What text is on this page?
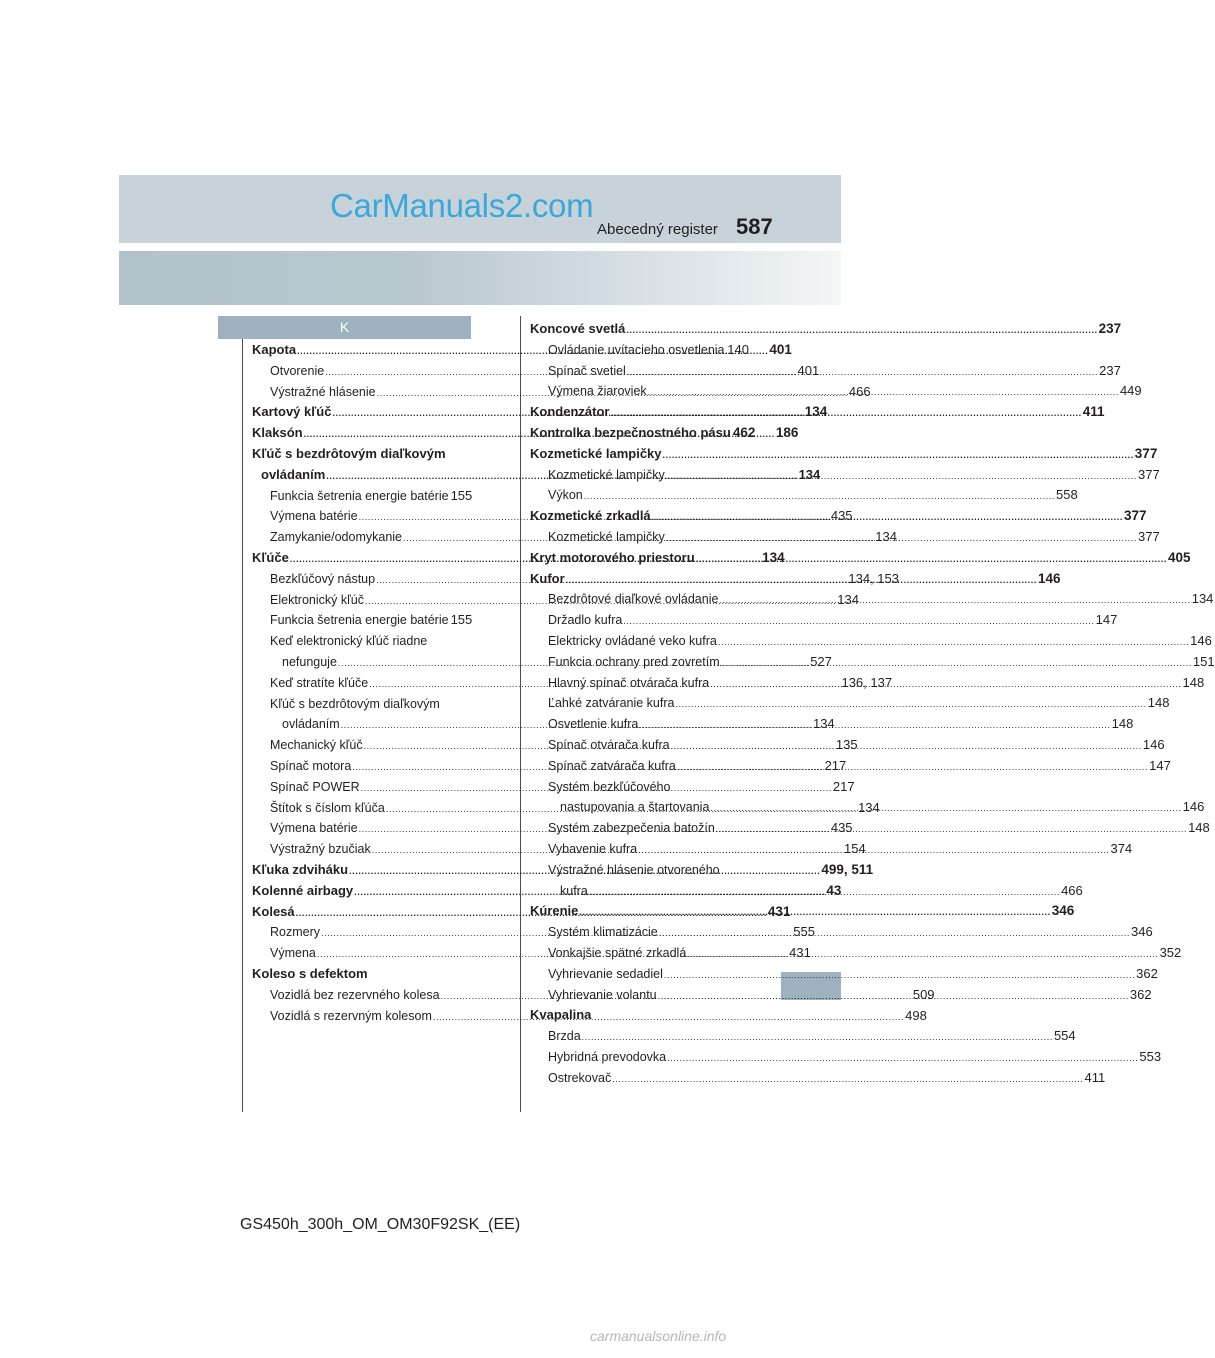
CarManuals2.com
Abecedný register 587
K
Kapota .....	401
Otvorenie .....	401
Výstražné hlásenie .....	466
Kartový kľúč .....	134
Klaksón .....	186
Kľúč s bezdrôtovým diaľkovým
ovládaním .....	134
Funkcia šetrenia energie batérie 155
Výmena batérie .....	435
Zamykanie/odomykanie .....	134
Kľúče .....	134
Bezkľúčový nástup .....	134, 153
Elektronický kľúč .....	134
Funkcia šetrenia energie batérie 155
Keď elektronický kľúč riadne
nefunguje .....	527
Keď stratíte kľúče .....	136, 137
Kľúč s bezdrôtovým diaľkovým
ovládaním .....	134
Mechanický kľúč .....	135
Spínač motora .....	217
Spínač POWER .....	217
Štítok s číslom kľúča .....	134
Výmena batérie .....	435
Výstražný bzučiak .....	154
Kľuka zdviháku .....	499, 511
Kolenné airbagy .....	43
Kolesá .....	431
Rozmery .....	555
Výmena .....	431
Koleso s defektom
Vozidlá bez rezervného kolesa .....	509
Vozidlá s rezervným kolesom .....	498
Koncové svetlá .....	237
Ovládanie uvítacieho osvetlenia ..... 140
Spínač svetiel .....	237
Výmena žiaroviek .....	449
Kondenzátor .....	411
Kontrolka bezpečnostného pásu 462
Kozmetické lampičky .....	377
Kozmetické lampičky .....	377
Výkon .....	558
Kozmetické zrkadlá .....	377
Kozmetické lampičky .....	377
Kryt motorového priestoru .....	405
Kufor .....	146
Bezdrôtové diaľkové ovládanie .....	134
Držadlo kufra .....	147
Elektricky ovládané veko kufra .....	146
Funkcia ochrany pred zovretím .....	151
Hlavný spínač otvárača kufra .....	148
Ľahké zatváranie kufra .....	148
Osvetlenie kufra .....	148
Spínač otvárača kufra .....	146
Spínač zatvárača kufra .....	147
Systém bezkľúčového
nastupovania a štartovania .....	146
Systém zabezpečenia batožín .....	148
Vybavenie kufra .....	374
Výstražné hlásenie otvoreného
kufra .....	466
Kúrenie .....	346
Systém klimatizácie .....	346
Vonkajšie spätné zrkadlá .....	352
Vyhrievanie sedadiel .....	362
Vyhrievanie volantu .....	362
Kvapalina
Brzda .....	554
Hybridná prevodovka .....	553
Ostrekovač .....	411
GS450h_300h_OM_OM30F92SK_(EE)
carmanualsonline.info
